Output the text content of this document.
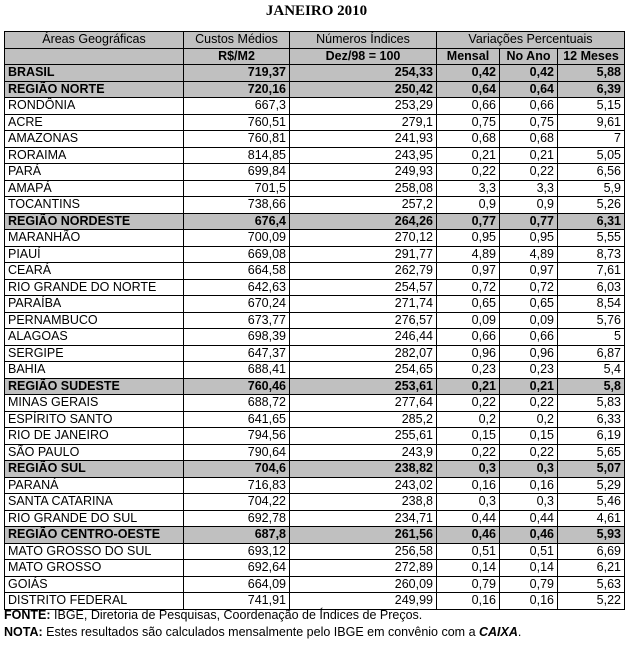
JANEIRO 2010
Áreas Geográficas	Custos Médios	Números Índices	Variações Percentuais		
	R$/M2	Dez/98 = 100	Mensal	No Ano	12 Meses
BRASIL	719,37	254,33	0,42	0,42	5,88
REGIÃO NORTE	720,16	250,42	0,64	0,64	6,39
RONDÔNIA	667,3	253,29	0,66	0,66	5,15
ACRE	760,51	279,1	0,75	0,75	9,61
AMAZONAS	760,81	241,93	0,68	0,68	7
RORAIMA	814,85	243,95	0,21	0,21	5,05
PARÁ	699,84	249,93	0,22	0,22	6,56
AMAPÁ	701,5	258,08	3,3	3,3	5,9
TOCANTINS	738,66	257,2	0,9	0,9	5,26
REGIÃO NORDESTE	676,4	264,26	0,77	0,77	6,31
MARANHÃO	700,09	270,12	0,95	0,95	5,55
PIAUÍ	669,08	291,77	4,89	4,89	8,73
CEARÁ	664,58	262,79	0,97	0,97	7,61
RIO GRANDE DO NORTE	642,63	254,57	0,72	0,72	6,03
PARAÍBA	670,24	271,74	0,65	0,65	8,54
PERNAMBUCO	673,77	276,57	0,09	0,09	5,76
ALAGOAS	698,39	246,44	0,66	0,66	5
SERGIPE	647,37	282,07	0,96	0,96	6,87
BAHIA	688,41	254,65	0,23	0,23	5,4
REGIÃO SUDESTE	760,46	253,61	0,21	0,21	5,8
MINAS GERAIS	688,72	277,64	0,22	0,22	5,83
ESPÍRITO SANTO	641,65	285,2	0,2	0,2	6,33
RIO DE JANEIRO	794,56	255,61	0,15	0,15	6,19
SÃO PAULO	790,64	243,9	0,22	0,22	5,65
REGIÃO SUL	704,6	238,82	0,3	0,3	5,07
PARANÁ	716,83	243,02	0,16	0,16	5,29
SANTA CATARINA	704,22	238,8	0,3	0,3	5,46
RIO GRANDE DO SUL	692,78	234,71	0,44	0,44	4,61
REGIÃO CENTRO-OESTE	687,8	261,56	0,46	0,46	5,93
MATO GROSSO DO SUL	693,12	256,58	0,51	0,51	6,69
MATO GROSSO	692,64	272,89	0,14	0,14	6,21
GOIÁS	664,09	260,09	0,79	0,79	5,63
DISTRITO FEDERAL	741,91	249,99	0,16	0,16	5,22
FONTE: IBGE, Diretoria de Pesquisas, Coordenação de Índices de Preços.
NOTA: Estes resultados são calculados mensalmente pelo IBGE em convênio com a CAIXA.
